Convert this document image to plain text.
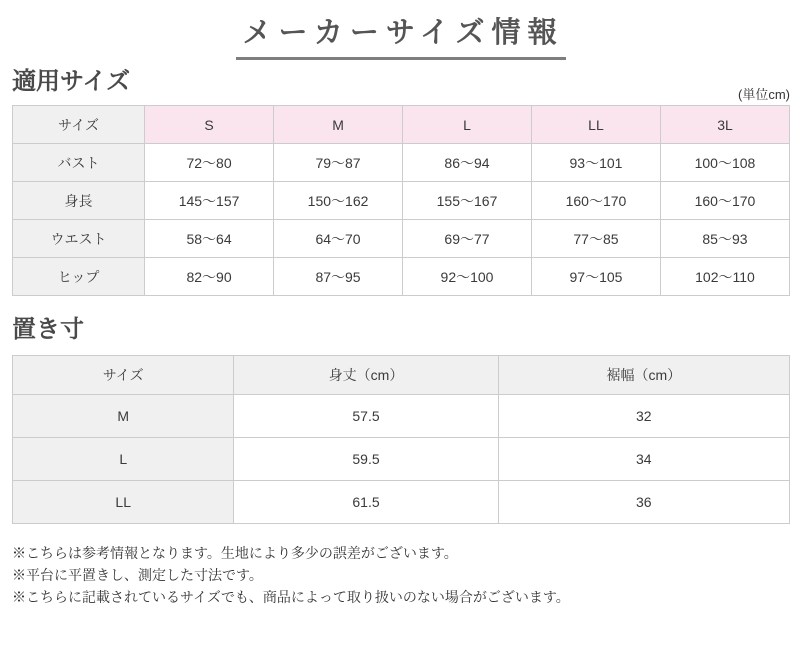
メーカーサイズ情報
適用サイズ	(単位cm)
サイズ	S	M	L	LL	3L
バスト	72〜80	79〜87	86〜94	93〜101	100〜108
身長	145〜157	150〜162	155〜167	160〜170	160〜170
ウエスト	58〜64	64〜70	69〜77	77〜85	85〜93
ヒップ	82〜90	87〜95	92〜100	97〜105	102〜110
置き寸
サイズ	身丈（cm）	裾幅（cm）
M	57.5	32
L	59.5	34
LL	61.5	36

※こちらは参考情報となります。生地により多少の誤差がございます。

※平台に平置きし、測定した寸法です。

※こちらに記載されているサイズでも、商品によって取り扱いのない場合がございます。
